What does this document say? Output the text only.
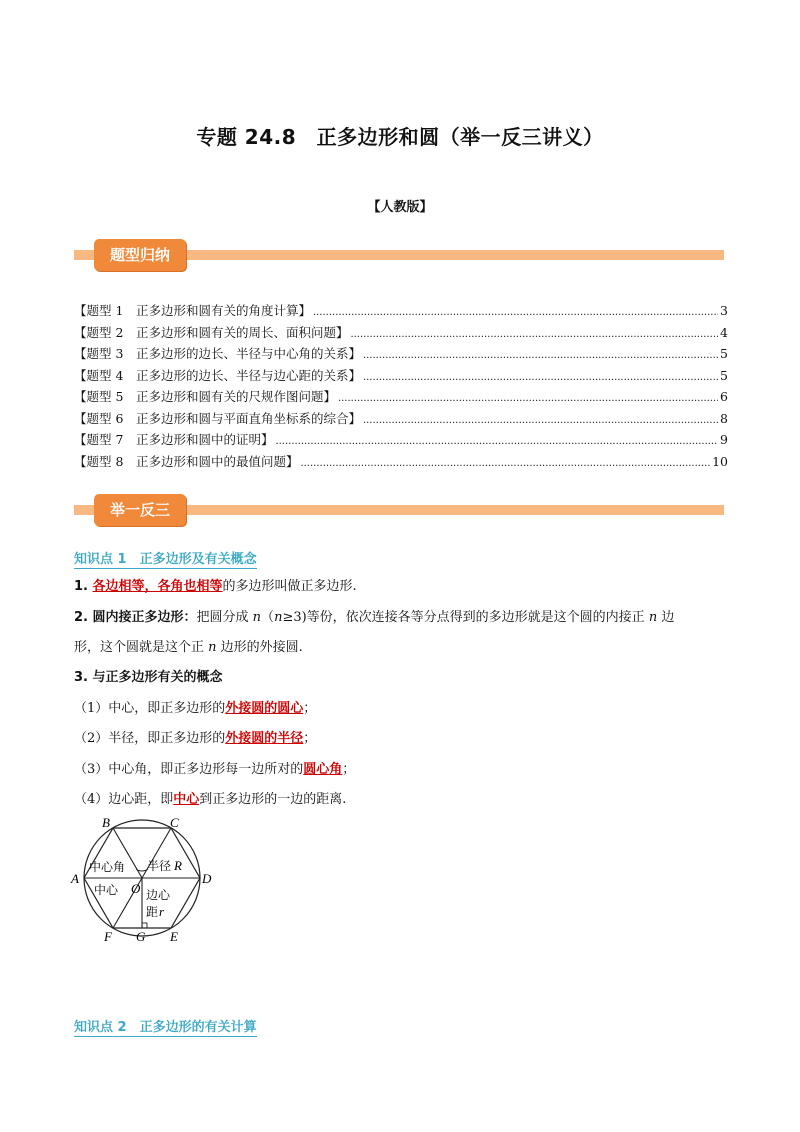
专题 24.8　正多边形和圆（举一反三讲义）
【人教版】
题型归纳
【题型 1 　正多边形和圆有关的角度计算】 .....	3
【题型 2 　正多边形和圆有关的周长、面积问题】 .....	4
【题型 3 　正多边形的边长、半径与中心角的关系】 .....	5
【题型 4 　正多边形的边长、半径与边心距的关系】 .....	5
【题型 5 　正多边形和圆有关的尺规作图问题】 .....	6
【题型 6 　正多边形和圆与平面直角坐标系的综合】 .....	8
【题型 7 　正多边形和圆中的证明】 .....	9
【题型 8 　正多边形和圆中的最值问题】 .....	10
举一反三
知识点 1　正多边形及有关概念
1. 各边相等，各角也相等的多边形叫做正多边形.
2. 圆内接正多边形：把圆分成 n（n≥3)等份，依次连接各等分点得到的多边形就是这个圆的内接正 n 边
形，这个圆就是这个正 n 边形的外接圆.
3. 与正多边形有关的概念
（1）中心，即正多边形的外接圆的圆心；
（2）半径，即正多边形的外接圆的半径；
（3）中心角，即正多边形每一边所对的圆心角；
（4）边心距，即中心到正多边形的一边的距离.
B	C
A	D
F G E
O
中心角
中心
半径 R
边心
距 r
知识点 2　正多边形的有关计算
